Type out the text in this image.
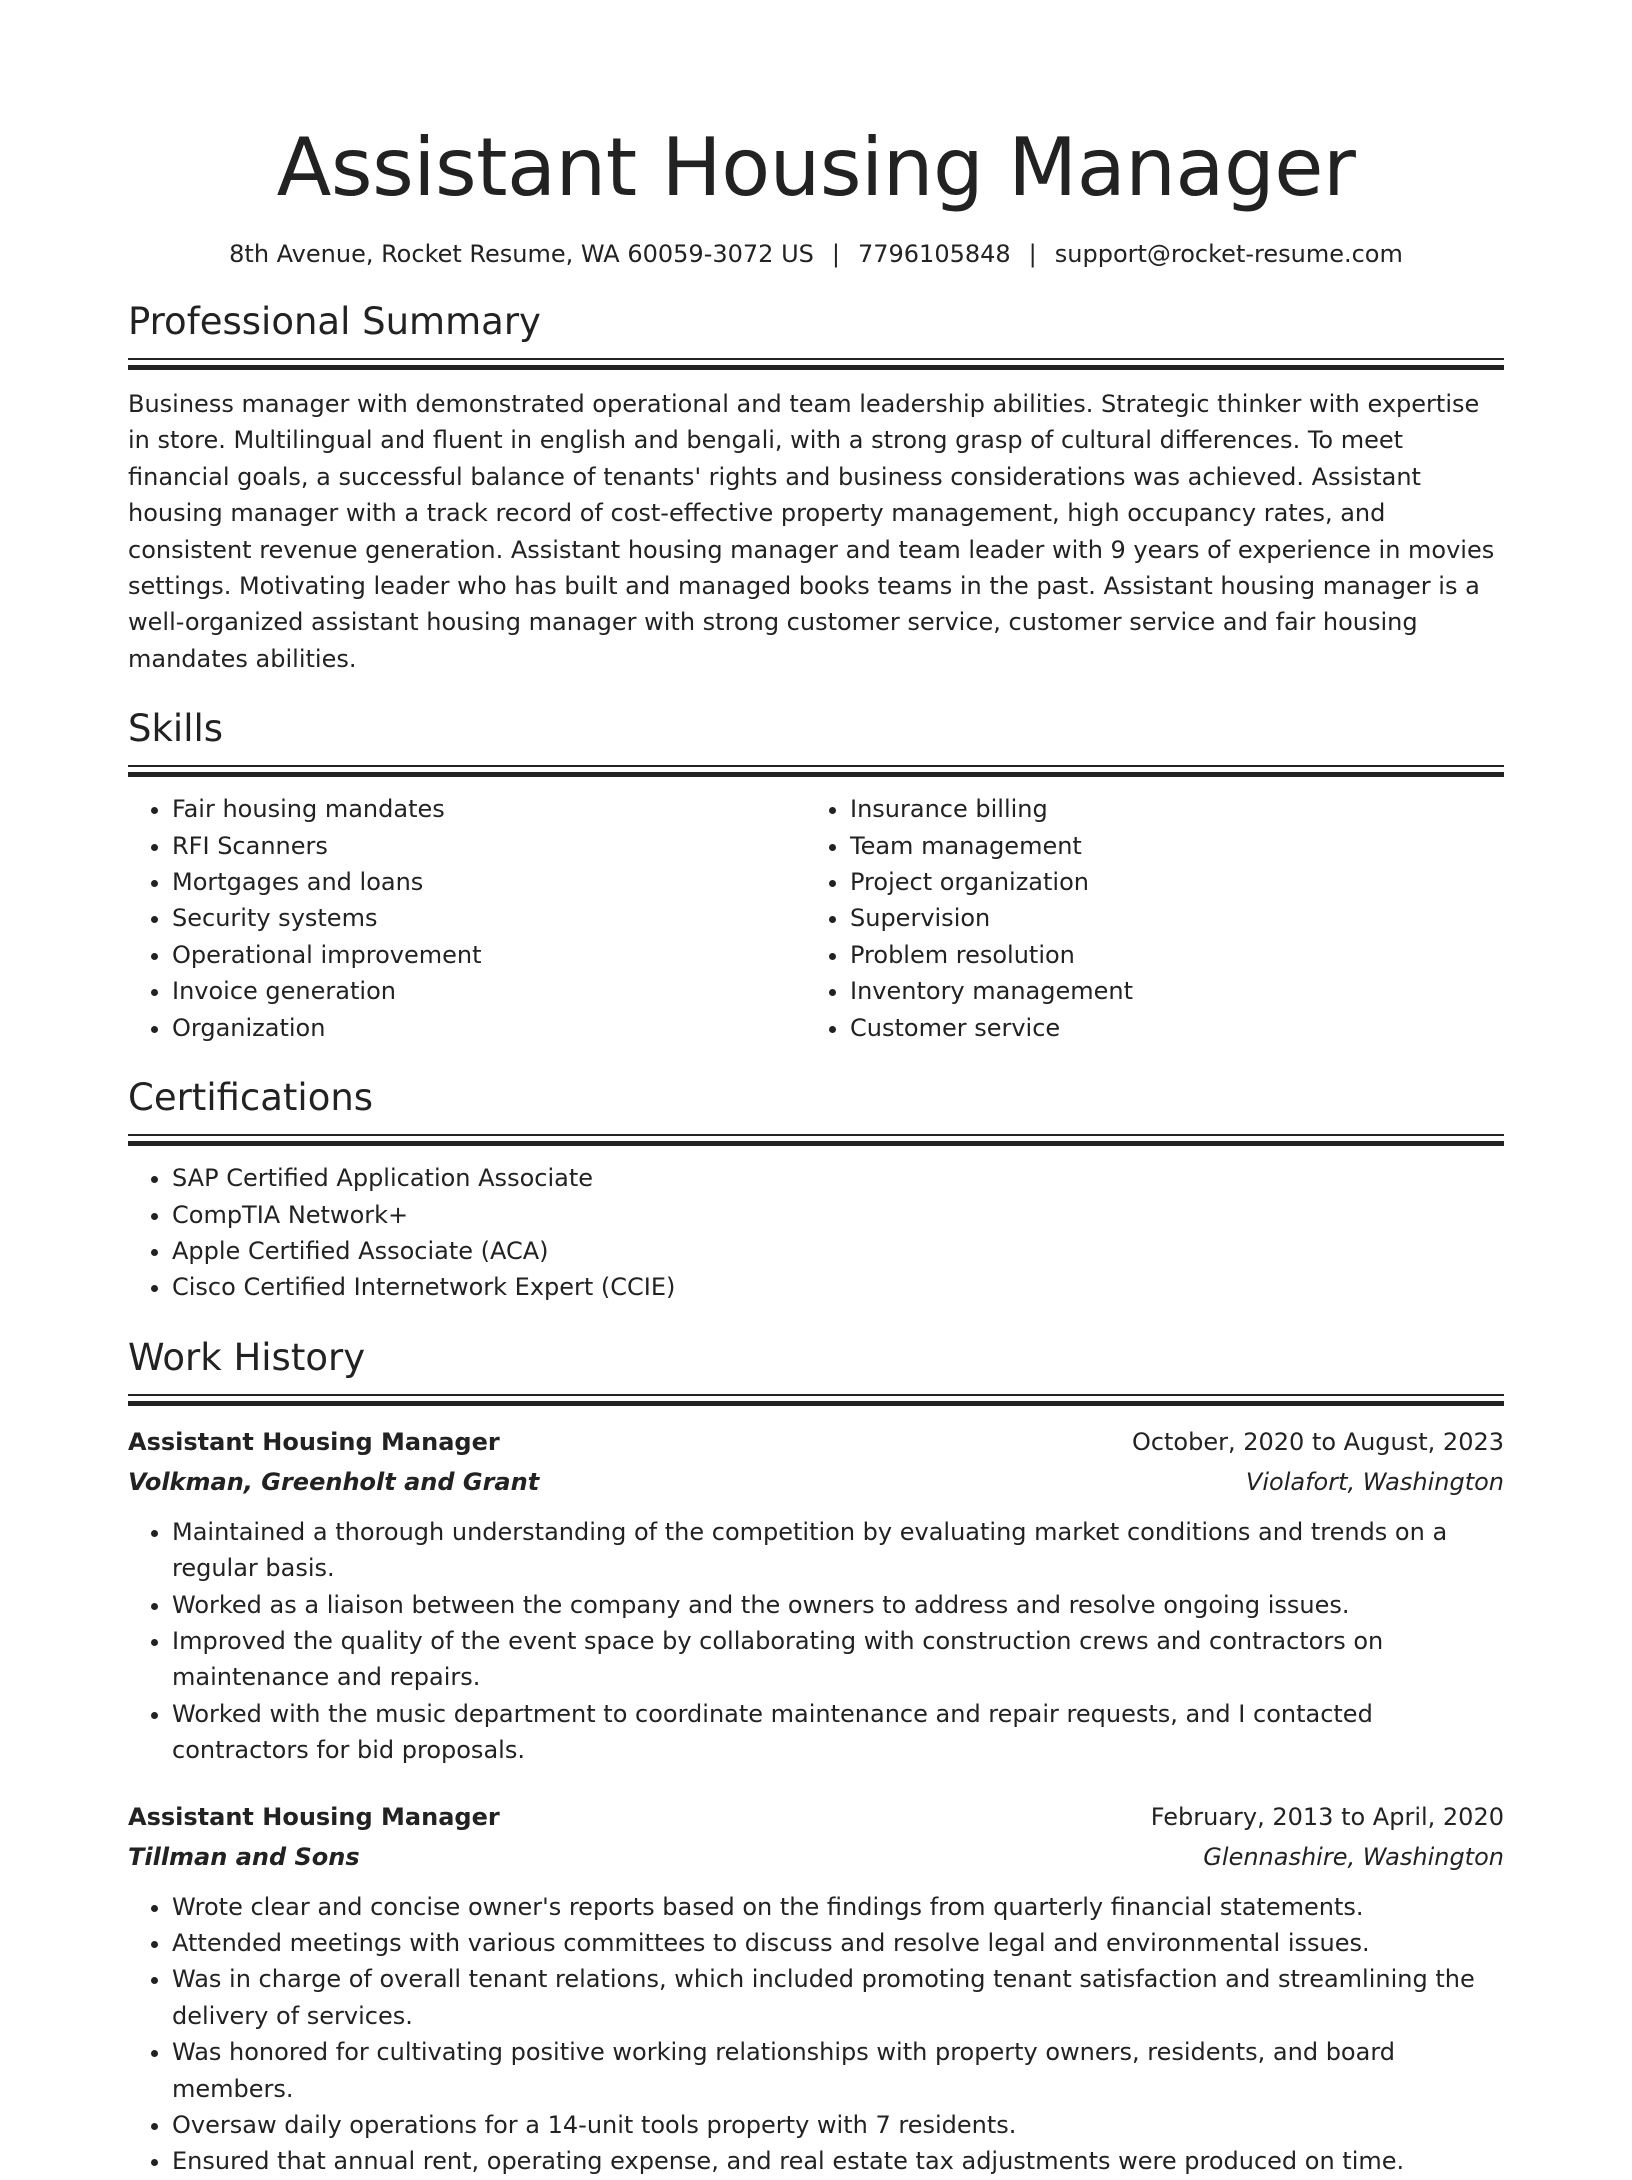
Assistant Housing Manager
8th Avenue, Rocket Resume, WA 60059-3072 US | 7796105848 | support@rocket-resume.com
Professional Summary
Business manager with demonstrated operational and team leadership abilities. Strategic thinker with expertise in store. Multilingual and fluent in english and bengali, with a strong grasp of cultural differences. To meet financial goals, a successful balance of tenants' rights and business considerations was achieved. Assistant housing manager with a track record of cost-effective property management, high occupancy rates, and consistent revenue generation. Assistant housing manager and team leader with 9 years of experience in movies settings. Motivating leader who has built and managed books teams in the past. Assistant housing manager is a well-organized assistant housing manager with strong customer service, customer service and fair housing mandates abilities.
Skills
• Fair housing mandates
• RFI Scanners
• Mortgages and loans
• Security systems
• Operational improvement
• Invoice generation
• Organization
• Insurance billing
• Team management
• Project organization
• Supervision
• Problem resolution
• Inventory management
• Customer service
Certifications
• SAP Certified Application Associate
• CompTIA Network+
• Apple Certified Associate (ACA)
• Cisco Certified Internetwork Expert (CCIE)
Work History
Assistant Housing Manager	October, 2020 to August, 2023
Volkman, Greenholt and Grant	Violafort, Washington
• Maintained a thorough understanding of the competition by evaluating market conditions and trends on a regular basis.
• Worked as a liaison between the company and the owners to address and resolve ongoing issues.
• Improved the quality of the event space by collaborating with construction crews and contractors on maintenance and repairs.
• Worked with the music department to coordinate maintenance and repair requests, and I contacted contractors for bid proposals.
Assistant Housing Manager	February, 2013 to April, 2020
Tillman and Sons	Glennashire, Washington
• Wrote clear and concise owner's reports based on the findings from quarterly financial statements.
• Attended meetings with various committees to discuss and resolve legal and environmental issues.
• Was in charge of overall tenant relations, which included promoting tenant satisfaction and streamlining the delivery of services.
• Was honored for cultivating positive working relationships with property owners, residents, and board members.
• Oversaw daily operations for a 14-unit tools property with 7 residents.
• Ensured that annual rent, operating expense, and real estate tax adjustments were produced on time.
